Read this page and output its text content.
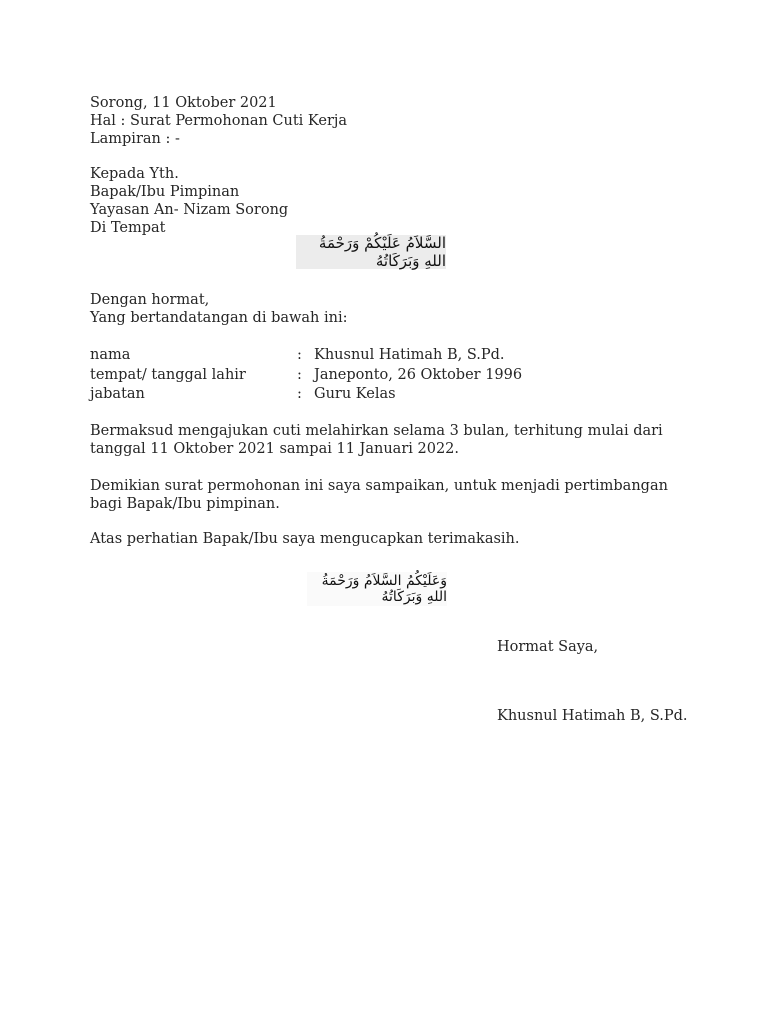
Sorong, 11 Oktober 2021
Hal : Surat Permohonan Cuti Kerja
Lampiran : -
Kepada Yth.
Bapak/Ibu Pimpinan
Yayasan An- Nizam Sorong
Di Tempat
السَّلاَمُ عَلَيْكُمْ وَرَحْمَةُ اللهِ وَبَرَكَاتُهُ
Dengan hormat,
Yang bertandatangan di bawah ini:
nama	: Khusnul Hatimah B, S.Pd.
tempat/ tanggal lahir	: Janeponto, 26 Oktober 1996
jabatan	: Guru Kelas
Bermaksud mengajukan cuti melahirkan selama 3 bulan, terhitung mulai dari tanggal 11 Oktober 2021 sampai 11 Januari 2022.
Demikian surat permohonan ini saya sampaikan, untuk menjadi pertimbangan bagi Bapak/Ibu pimpinan.
Atas perhatian Bapak/Ibu saya mengucapkan terimakasih.
وَعَلَيْكُمُ السَّلاَمُ وَرَحْمَةُ اللهِ وَبَرَكَاتُهُ
Hormat Saya,
Khusnul Hatimah B, S.Pd.
